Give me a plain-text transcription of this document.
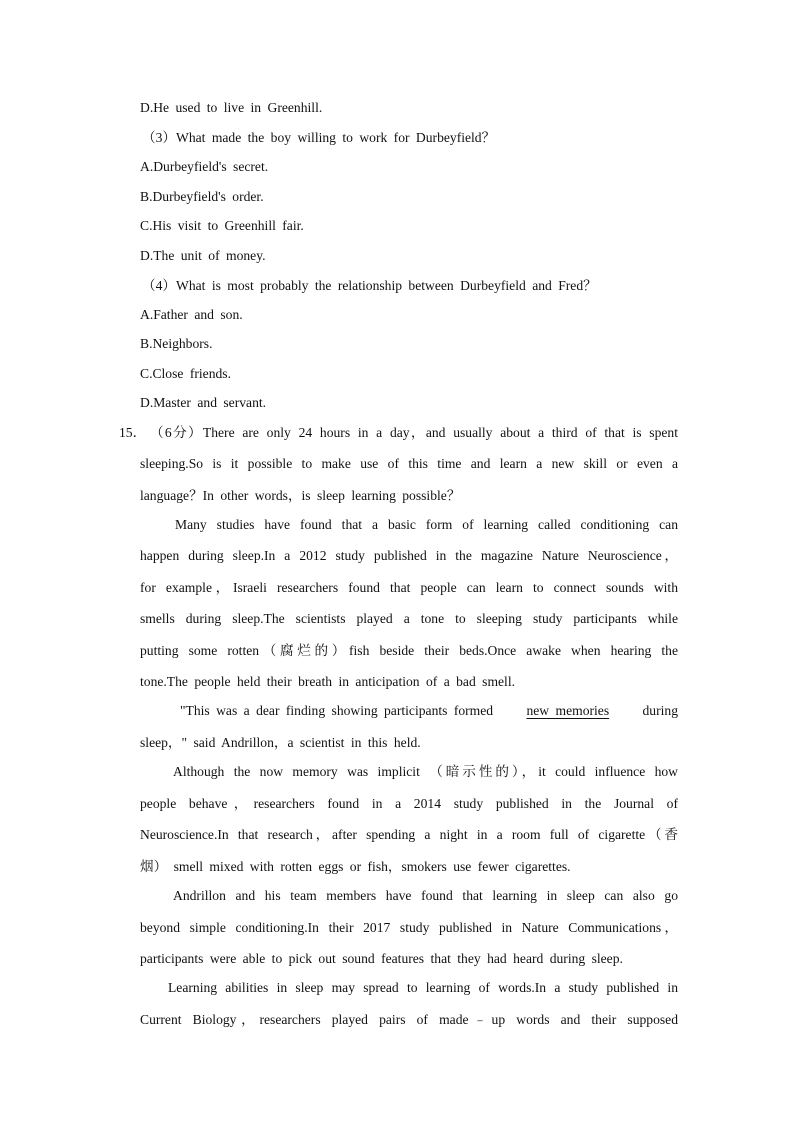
D.He used to live in Greenhill.
（3）What made the boy willing to work for Durbeyfield？
A.Durbeyfield's secret.
B.Durbeyfield's order.
C.His visit to Greenhill fair.
D.The unit of money.
（4）What is most probably the relationship between Durbeyfield and Fred？
A.Father and son.
B.Neighbors.
C.Close friends.
D.Master and servant.
15． （6分）There are only 24 hours in a day，and usually about a third of that is spent
sleeping.So is it possible to make use of this time and learn a new skill or even a
language？In other words，is sleep learning possible？
Many studies have found that a basic form of learning called conditioning can
happen during sleep.In a 2012 study published in the magazine Nature Neuroscience，
for example，Israeli researchers found that people can learn to connect sounds with
smells during sleep.The scientists played a tone to sleeping study participants while
putting some rotten（腐烂的）fish beside their beds.Once awake when hearing the
tone.The people held their breath in anticipation of a bad smell.
"This was a dear finding showing participants formed new memories during
sleep，" said Andrillon，a scientist in this held.
Although the now memory was implicit （暗示性的），it could influence how
people behave，researchers found in a 2014 study published in the Journal of
Neuroscience.In that research，after spending a night in a room full of cigarette（香
烟） smell mixed with rotten eggs or fish，smokers use fewer cigarettes.
Andrillon and his team members have found that learning in sleep can also go
beyond simple conditioning.In their 2017 study published in Nature Communications，
participants were able to pick out sound features that they had heard during sleep.
Learning abilities in sleep may spread to learning of words.In a study published in
Current Biology，researchers played pairs of made﹣up words and their supposed
